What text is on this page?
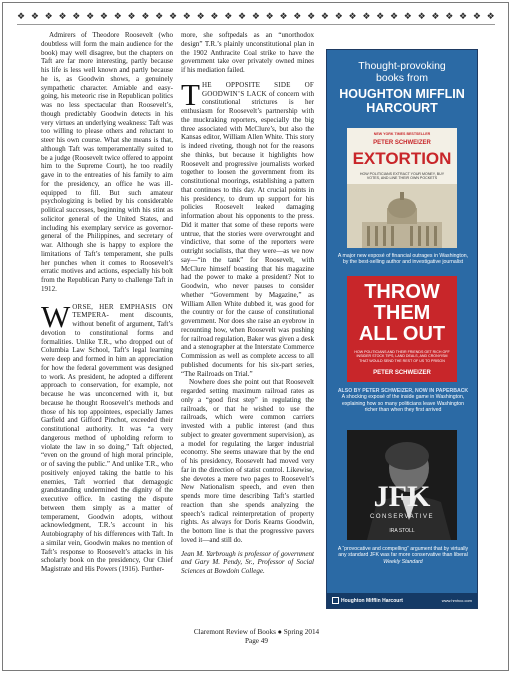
❖ ❖ ❖ ❖ ❖ ❖ ❖ ❖ ❖ ❖ ❖ ❖ ❖ ❖ ❖ ❖ ❖ ❖ ❖ ❖ ❖ ❖ ❖ ❖ ❖ ❖ ❖ ❖ ❖ ❖ ❖ ❖ ❖ ❖ ❖

Admirers of Theodore Roosevelt (who doubtless will form the main audience for the book) may well disagree, but the chapters on Taft are far more interesting, partly because his life is less well known and partly because he is, as Goodwin shows, a genuinely sympathetic character. Amiable and easy-going, his meteoric rise in Republican politics was no less spectacular than Roosevelt’s, though predictably Goodwin detects in his very virtues an underlying weakness: Taft was too willing to please others and reluctant to steer his own course. What she means is that, although Taft was temperamentally suited to be a judge (Roosevelt twice offered to appoint him to the Supreme Court), he too readily gave in to the entreaties of his family to aim for the presidency, an office he was ill-equipped to fill. But such amateur psychologizing is belied by his considerable political successes, beginning with his stint as solicitor general of the United States, and including his exemplary service as governor-general of the Philippines, and secretary of war. Although she is happy to explore the limitations of Taft’s temperament, she pulls her punches when it comes to Roosevelt’s erratic motives and actions, especially his bolt from the Republican Party to challenge Taft in 1912.

WORSE, HER EMPHASIS ON TEMPERA- ment discounts, without benefit of argument, Taft’s devotion to constitutional forms and formalities. Unlike T.R., who dropped out of Columbia Law School, Taft’s legal learning were deep and formed in him an appreciation for how the federal government was designed to work. As president, he adopted a different approach to conservation, for example, not because he was unconcerned with it, but because he thought Roosevelt’s methods and those of his top appointees, especially James Garfield and Gifford Pinchot, exceeded their constitutional authority. It was “a very dangerous method of upholding reform to violate the law in so doing,” Taft objected, “even on the ground of high moral principle, or of saving the public.” And unlike T.R., who positively enjoyed taking the battle to his enemies, Taft worried that demagogic grandstanding undermined the dignity of the executive office. In casting the dispute between them simply as a matter of temperament, Goodwin adopts, without acknowledgment, T.R.’s account in his Autobiography of his differences with Taft. In a similar vein, Goodwin makes no mention of Taft’s response to Roosevelt’s attacks in his scholarly book on the presidency, Our Chief Magistrate and His Powers (1916). Further-

more, she softpedals as an “unorthodox design” T.R.’s plainly unconstitutional plan in the 1902 Anthracite Coal strike to have the government take over privately owned mines if his mediation failed.

THE OPPOSITE SIDE OF GOODWIN’S LACK of concern with constitutional strictures is her enthusiasm for Roosevelt’s partnership with the muckraking reporters, especially the big three associated with McClure’s, but also the Kansas editor, William Allen White. This story is indeed riveting, though not for the reasons she thinks, but because it highlights how Roosevelt and progressive journalists worked together to loosen the government from its constitutional moorings, establishing a pattern that continues to this day. At crucial points in his presidency, to drum up support for his policies Roosevelt leaked damaging information about his opponents to the press. Did it matter that some of these reports were untrue, that the stories were overwrought and vindictive, that some of the reporters were outright socialists, that they were—as we now say—“in the tank” for Roosevelt, with McClure himself boasting that his magazine had the power to make a president? Not to Goodwin, who never pauses to consider whether “Government by Magazine,” as William Allen White dubbed it, was good for the country or for the cause of constitutional government. Nor does she raise an eyebrow in recounting how, when Roosevelt was pushing for railroad regulation, Baker was given a desk and a stenographer at the Interstate Commerce Commission as well as complete access to all published documents for his six-part series, “The Railroads on Trial.”

Nowhere does she point out that Roosevelt regarded setting maximum railroad rates as only a “good first step” in regulating the railroads, or that he wished to use the railroads, which were common carriers invested with a public interest (and thus subject to greater government supervision), as a model for regulating the larger industrial economy. She seems unaware that by the end of his presidency, Roosevelt had moved very far in the direction of statist control. Likewise, she devotes a mere two pages to Roosevelt’s New Nationalism speech, and even then spends more time describing Taft’s startled reaction than she spends analyzing the speech’s radical reinterpretation of property rights. As always for Doris Kearns Goodwin, the bottom line is that the progressive pavers loved it—and still do.

Jean M. Yarbrough is professor of government and Gary M. Pendy, Sr., Professor of Social Sciences at Bowdoin College.

Thought-provoking
books from
HOUGHTON MIFFLIN
HARCOURT
NEW YORK TIMES BESTSELLER
PETER SCHWEIZER
EXTORTION
HOW POLITICIANS EXTRACT YOUR MONEY, BUY VOTES, AND LINE THEIR OWN POCKETS
A major new exposé of financial outrages in Washington, by the best-selling author and investigative journalist
THROW
THEM
ALL OUT
HOW POLITICIANS AND THEIR FRIENDS GET RICH OFF INSIDER STOCK TIPS, LAND DEALS, AND CRONYISM THAT WOULD SEND THE REST OF US TO PRISON
PETER SCHWEIZER
ALSO BY PETER SCHWEIZER, NOW IN PAPERBACK
A shocking exposé of the inside game in Washington, explaining how so many politicians leave Washington richer than when they first arrived
JFK
CONSERVATIVE
IRA STOLL
A “provocative and compelling” argument that by virtually any standard JFK was far more conservative than liberal
Weekly Standard
Houghton Mifflin Harcourt	www.hmhco.com
Claremont Review of Books ● Spring 2014
Page 49
